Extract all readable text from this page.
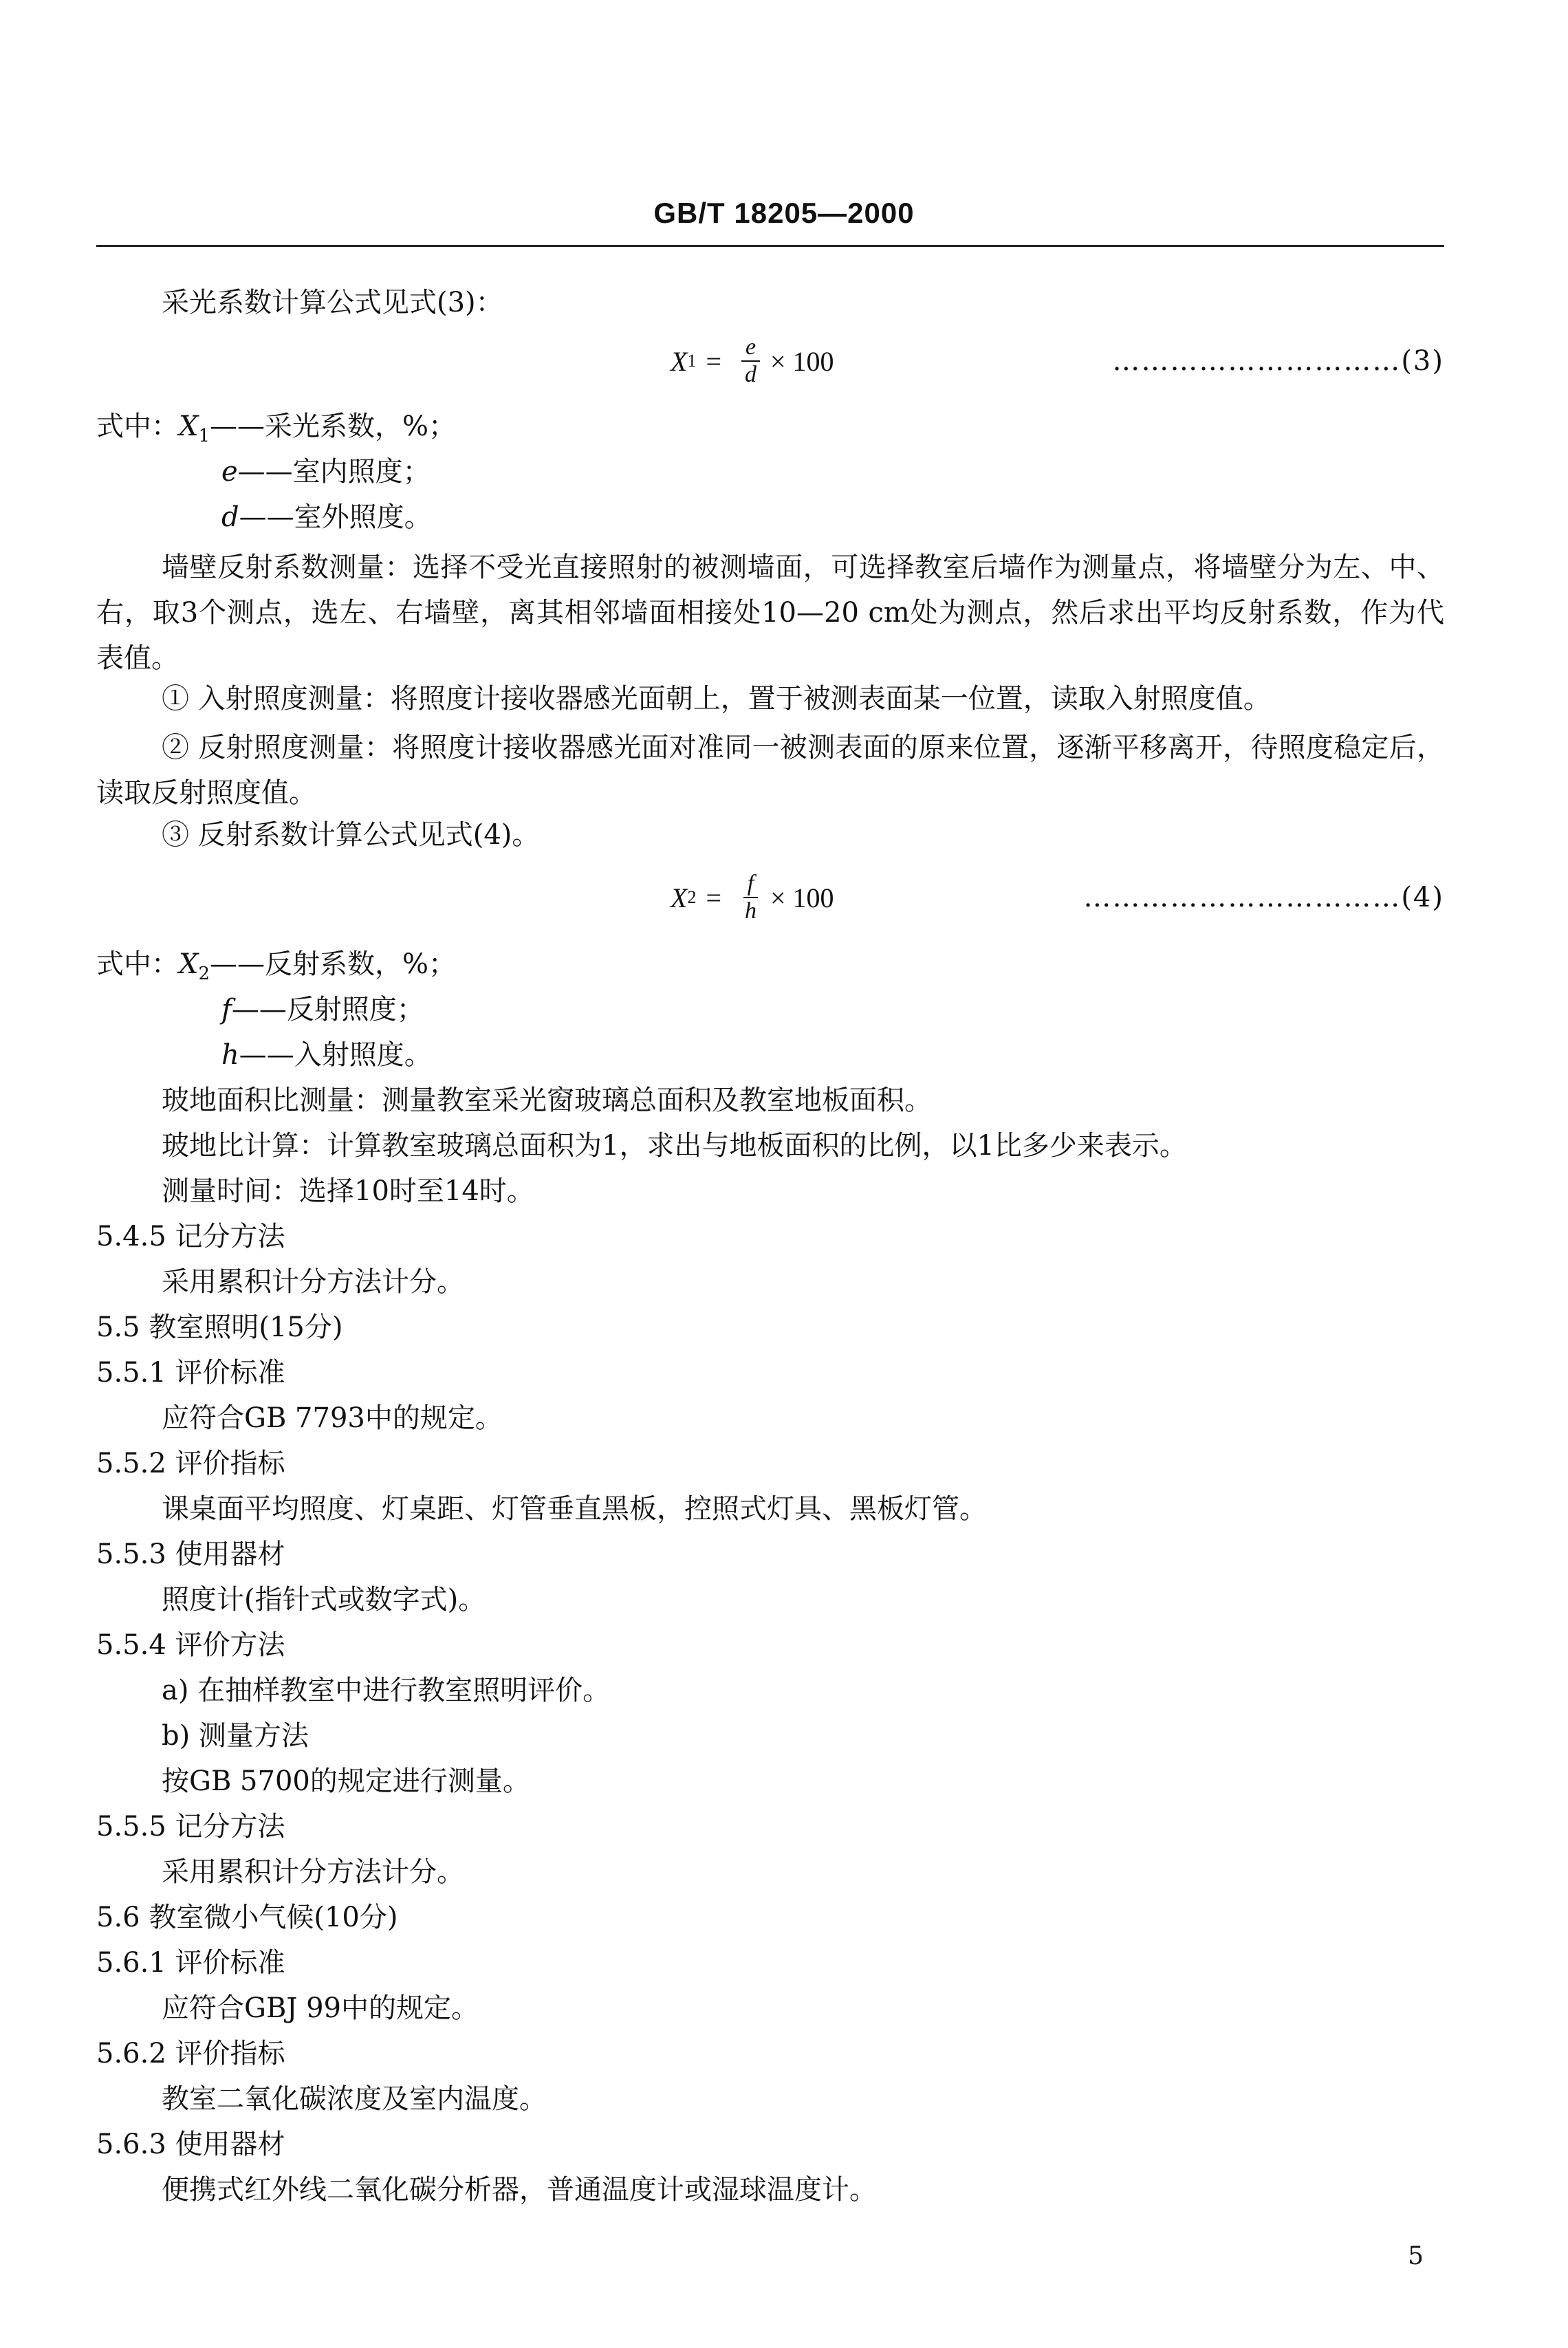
GB/T 18205—2000
采光系数计算公式见式(3)：
X $1 = \frac{e}{d} \times 100$	…………………………(3)
式中：$X_1——$采光系数，%；
e——室内照度；
d——室外照度。
墙壁反射系数测量：选择不受光直接照射的被测墙面，可选择教室后墙作为测量点，将墙壁分为左、中、右，取3个测点，选左、右墙壁，离其相邻墙面相接处10—20 cm处为测点，然后求出平均反射系数，作为代表值。
① 入射照度测量：将照度计接收器感光面朝上，置于被测表面某一位置，读取入射照度值。
② 反射照度测量：将照度计接收器感光面对准同一被测表面的原来位置，逐渐平移离开，待照度稳定后，读取反射照度值。
③ 反射系数计算公式见式(4)。
X $2 = \frac{f}{h} \times 100$	……………………………(4)
式中：$X_2——$反射系数，%；
f——反射照度；
h——入射照度。
玻地面积比测量：测量教室采光窗玻璃总面积及教室地板面积。
玻地比计算：计算教室玻璃总面积为1，求出与地板面积的比例，以1比多少来表示。
测量时间：选择10时至14时。
5.4.5 记分方法
采用累积计分方法计分。
5.5 教室照明(15分)
5.5.1 评价标准
应符合GB 7793中的规定。
5.5.2 评价指标
课桌面平均照度、灯桌距、灯管垂直黑板，控照式灯具、黑板灯管。
5.5.3 使用器材
照度计(指针式或数字式)。
5.5.4 评价方法
a) 在抽样教室中进行教室照明评价。
b) 测量方法
按GB 5700的规定进行测量。
5.5.5 记分方法
采用累积计分方法计分。
5.6 教室微小气候(10分)
5.6.1 评价标准
应符合GBJ 99中的规定。
5.6.2 评价指标
教室二氧化碳浓度及室内温度。
5.6.3 使用器材
便携式红外线二氧化碳分析器，普通温度计或湿球温度计。
5
